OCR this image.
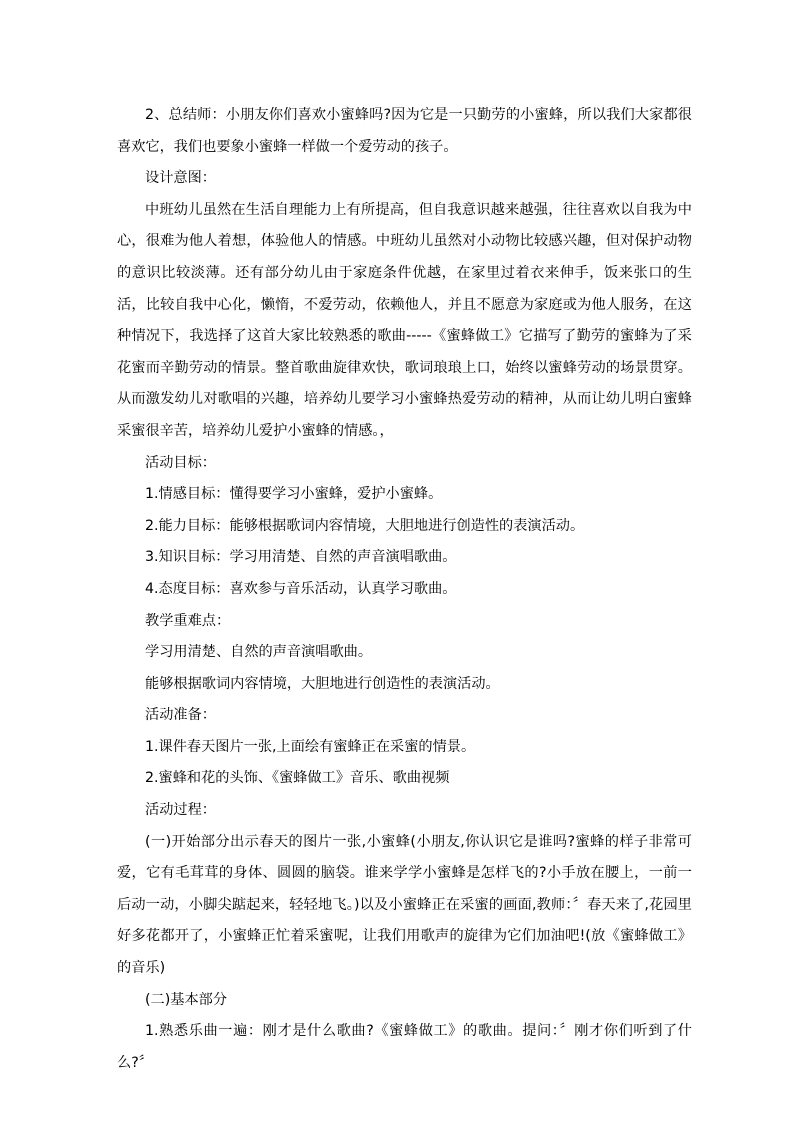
2、总结师：小朋友你们喜欢小蜜蜂吗?因为它是一只勤劳的小蜜蜂，所以我们大家都很喜欢它，我们也要象小蜜蜂一样做一个爱劳动的孩子。

设计意图：

中班幼儿虽然在生活自理能力上有所提高，但自我意识越来越强，往往喜欢以自我为中心，很难为他人着想，体验他人的情感。中班幼儿虽然对小动物比较感兴趣，但对保护动物的意识比较淡薄。还有部分幼儿由于家庭条件优越，在家里过着衣来伸手，饭来张口的生活，比较自我中心化，懒惰，不爱劳动，依赖他人，并且不愿意为家庭或为他人服务，在这种情况下，我选择了这首大家比较熟悉的歌曲-----《蜜蜂做工》它描写了勤劳的蜜蜂为了采花蜜而辛勤劳动的情景。整首歌曲旋律欢快，歌词琅琅上口，始终以蜜蜂劳动的场景贯穿。从而激发幼儿对歌唱的兴趣，培养幼儿要学习小蜜蜂热爱劳动的精神，从而让幼儿明白蜜蜂采蜜很辛苦，培养幼儿爱护小蜜蜂的情感。，

活动目标：

1.情感目标：懂得要学习小蜜蜂，爱护小蜜蜂。

2.能力目标：能够根据歌词内容情境，大胆地进行创造性的表演活动。

3.知识目标：学习用清楚、自然的声音演唱歌曲。

4.态度目标：喜欢参与音乐活动，认真学习歌曲。

教学重难点：

学习用清楚、自然的声音演唱歌曲。

能够根据歌词内容情境，大胆地进行创造性的表演活动。

活动准备：

1.课件春天图片一张,上面绘有蜜蜂正在采蜜的情景。

2.蜜蜂和花的头饰、《蜜蜂做工》音乐、歌曲视频

活动过程：

(一)开始部分出示春天的图片一张,小蜜蜂(小朋友,你认识它是谁吗?蜜蜂的样子非常可爱，它有毛茸茸的身体、圆圆的脑袋。谁来学学小蜜蜂是怎样飞的?小手放在腰上，一前一后动一动，小脚尖踮起来，轻轻地飞。)以及小蜜蜂正在采蜜的画面,教师：〞春天来了,花园里好多花都开了，小蜜蜂正忙着采蜜呢，让我们用歌声的旋律为它们加油吧!(放《蜜蜂做工》的音乐)

(二)基本部分

1.熟悉乐曲一遍：刚才是什么歌曲?《蜜蜂做工》的歌曲。提问：〞刚才你们听到了什么?〞
